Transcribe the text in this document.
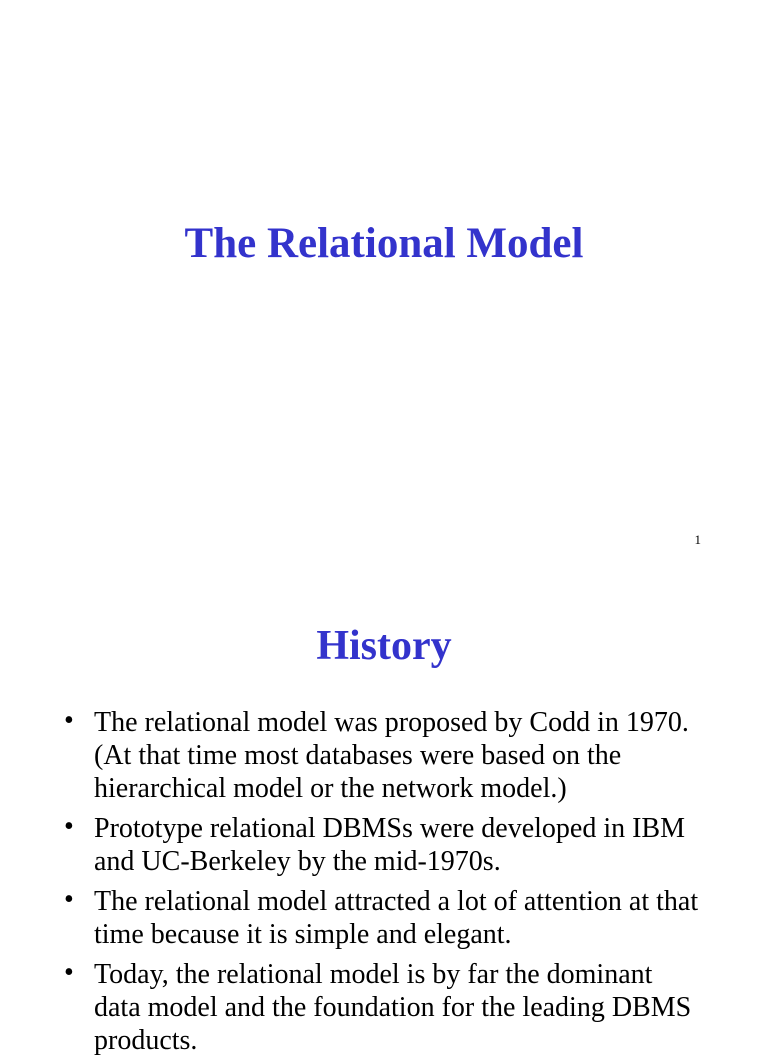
The Relational Model
1
History
• The relational model was proposed by Codd in 1970. (At that time most databases were based on the hierarchical model or the network model.)
• Prototype relational DBMSs were developed in IBM and UC-Berkeley by the mid-1970s.
• The relational model attracted a lot of attention at that time because it is simple and elegant.
• Today, the relational model is by far the dominant data model and the foundation for the leading DBMS products.
